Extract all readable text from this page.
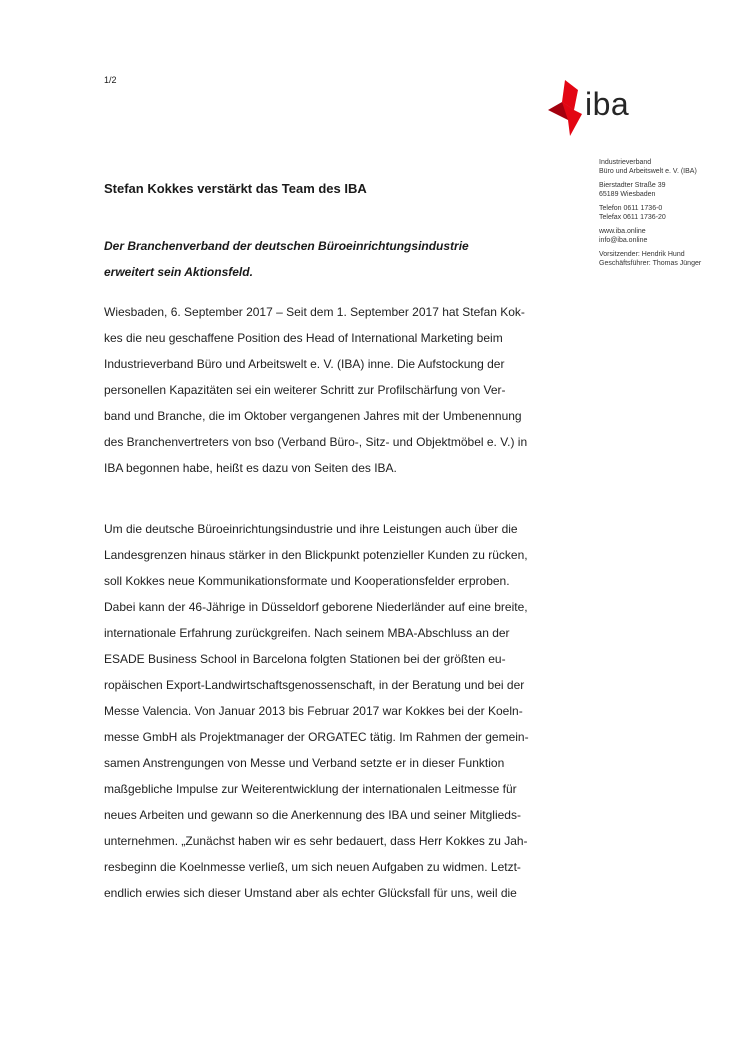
1/2
iba
Industrieverband
Büro und Arbeitswelt e. V. (IBA)
Bierstadter Straße 39
65189 Wiesbaden
Telefon 0611 1736-0
Telefax 0611 1736-20
www.iba.online
info@iba.online
Vorsitzender: Hendrik Hund
Geschäftsführer: Thomas Jünger
Stefan Kokkes verstärkt das Team des IBA
Der Branchenverband der deutschen Büroeinrichtungsindustrie
erweitert sein Aktionsfeld.
Wiesbaden, 6. September 2017 – Seit dem 1. September 2017 hat Stefan Kok-
kes die neu geschaffene Position des Head of International Marketing beim
Industrieverband Büro und Arbeitswelt e. V. (IBA) inne. Die Aufstockung der
personellen Kapazitäten sei ein weiterer Schritt zur Profilschärfung von Ver-
band und Branche, die im Oktober vergangenen Jahres mit der Umbenennung
des Branchenvertreters von bso (Verband Büro-, Sitz- und Objektmöbel e. V.) in
IBA begonnen habe, heißt es dazu von Seiten des IBA.
Um die deutsche Büroeinrichtungsindustrie und ihre Leistungen auch über die
Landesgrenzen hinaus stärker in den Blickpunkt potenzieller Kunden zu rücken,
soll Kokkes neue Kommunikationsformate und Kooperationsfelder erproben.
Dabei kann der 46-Jährige in Düsseldorf geborene Niederländer auf eine breite,
internationale Erfahrung zurückgreifen. Nach seinem MBA-Abschluss an der
ESADE Business School in Barcelona folgten Stationen bei der größten eu-
ropäischen Export-Landwirtschaftsgenossenschaft, in der Beratung und bei der
Messe Valencia. Von Januar 2013 bis Februar 2017 war Kokkes bei der Koeln-
messe GmbH als Projektmanager der ORGATEC tätig. Im Rahmen der gemein-
samen Anstrengungen von Messe und Verband setzte er in dieser Funktion
maßgebliche Impulse zur Weiterentwicklung der internationalen Leitmesse für
neues Arbeiten und gewann so die Anerkennung des IBA und seiner Mitglieds-
unternehmen. „Zunächst haben wir es sehr bedauert, dass Herr Kokkes zu Jah-
resbeginn die Koelnmesse verließ, um sich neuen Aufgaben zu widmen. Letzt-
endlich erwies sich dieser Umstand aber als echter Glücksfall für uns, weil die
